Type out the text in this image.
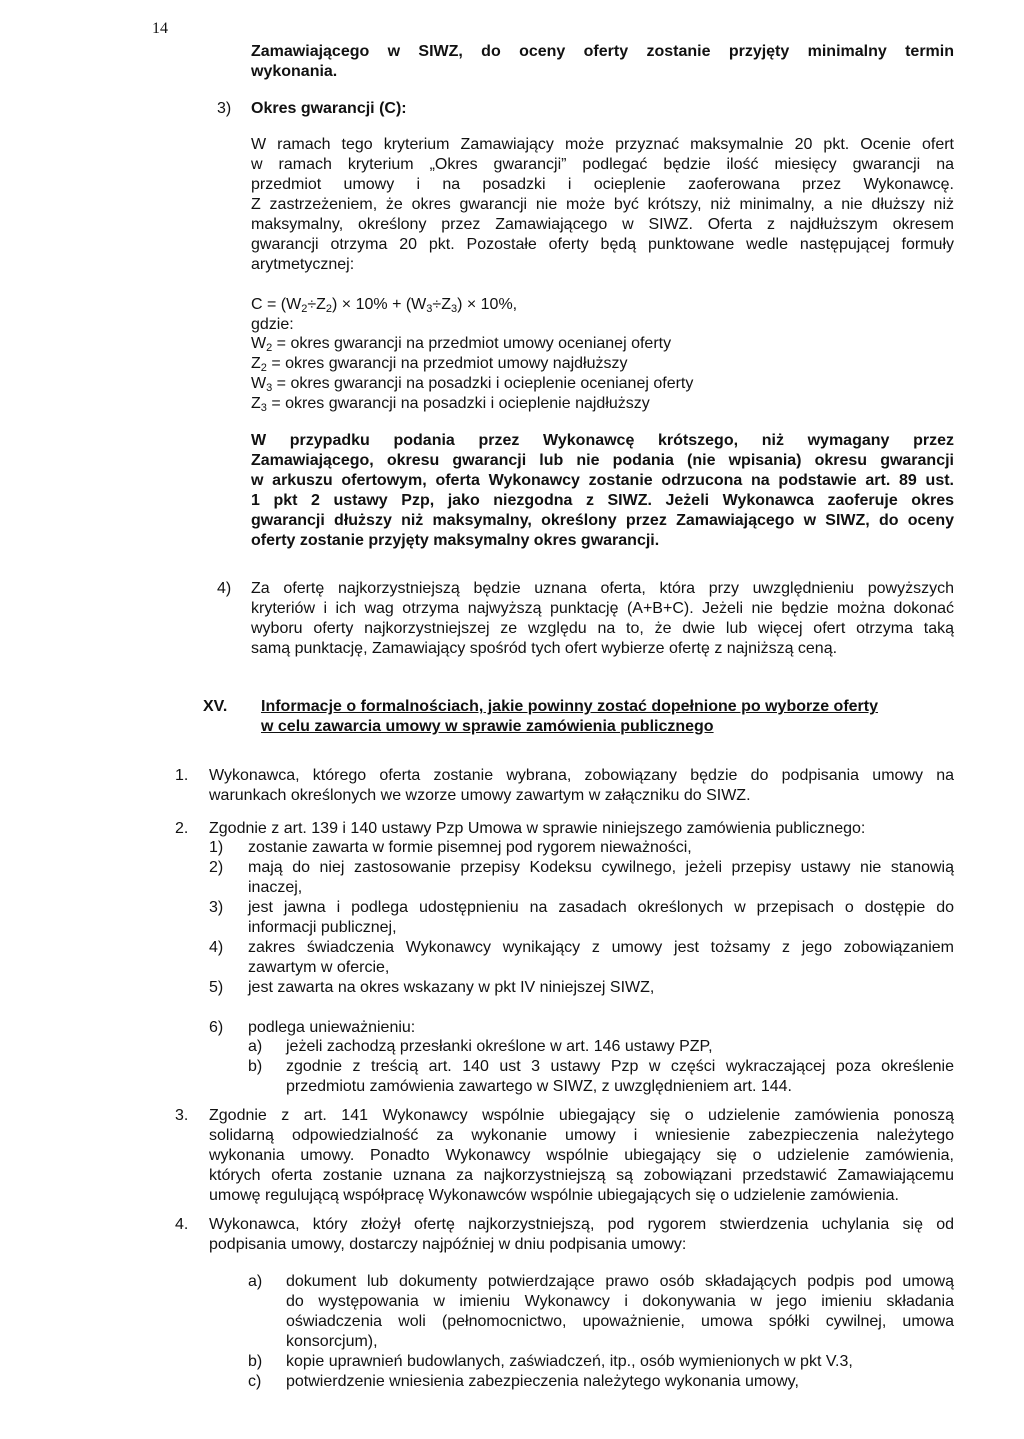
14
Zamawiającego w SIWZ, do oceny oferty zostanie przyjęty minimalny termin
wykonania.
3) Okres gwarancji (C):
W ramach tego kryterium Zamawiający może przyznać maksymalnie 20 pkt. Ocenie ofert
w ramach kryterium „Okres gwarancji” podlegać będzie ilość miesięcy gwarancji na
przedmiot umowy i na posadzki i ocieplenie zaoferowana przez Wykonawcę.
Z zastrzeżeniem, że okres gwarancji nie może być krótszy, niż minimalny, a nie dłuższy niż
maksymalny, określony przez Zamawiającego w SIWZ. Oferta z najdłuższym okresem
gwarancji otrzyma 20 pkt. Pozostałe oferty będą punktowane wedle następującej formuły
arytmetycznej:
$C = (W_2\div Z_2) \times 10\% + (W_3\div Z_3) \times 10\%$,
gdzie:
$W_2$ = okres gwarancji na przedmiot umowy ocenianej oferty
$Z_2$ = okres gwarancji na przedmiot umowy najdłuższy
$W_3$ = okres gwarancji na posadzki i ocieplenie ocenianej oferty
$Z_3$ = okres gwarancji na posadzki i ocieplenie najdłuższy
W przypadku podania przez Wykonawcę krótszego, niż wymagany przez
Zamawiającego, okresu gwarancji lub nie podania (nie wpisania) okresu gwarancji
w arkuszu ofertowym, oferta Wykonawcy zostanie odrzucona na podstawie art. 89 ust.
1 pkt 2 ustawy Pzp, jako niezgodna z SIWZ. Jeżeli Wykonawca zaoferuje okres
gwarancji dłuższy niż maksymalny, określony przez Zamawiającego w SIWZ, do oceny
oferty zostanie przyjęty maksymalny okres gwarancji.
4) Za ofertę najkorzystniejszą będzie uznana oferta, która przy uwzględnieniu powyższych
kryteriów i ich wag otrzyma najwyższą punktację (A+B+C). Jeżeli nie będzie można dokonać
wyboru oferty najkorzystniejszej ze względu na to, że dwie lub więcej ofert otrzyma taką
samą punktację, Zamawiający spośród tych ofert wybierze ofertę z najniższą ceną.
XV. Informacje o formalnościach, jakie powinny zostać dopełnione po wyborze oferty
w celu zawarcia umowy w sprawie zamówienia publicznego
1. Wykonawca, którego oferta zostanie wybrana, zobowiązany będzie do podpisania umowy na
warunkach określonych we wzorze umowy zawartym w załączniku do SIWZ.
2. Zgodnie z art. 139 i 140 ustawy Pzp Umowa w sprawie niniejszego zamówienia publicznego:
1) zostanie zawarta w formie pisemnej pod rygorem nieważności,
2) mają do niej zastosowanie przepisy Kodeksu cywilnego, jeżeli przepisy ustawy nie stanowią
inaczej,
3) jest jawna i podlega udostępnieniu na zasadach określonych w przepisach o dostępie do
informacji publicznej,
4) zakres świadczenia Wykonawcy wynikający z umowy jest tożsamy z jego zobowiązaniem
zawartym w ofercie,
5) jest zawarta na okres wskazany w pkt IV niniejszej SIWZ,
6) podlega unieważnieniu:
a) jeżeli zachodzą przesłanki określone w art. 146 ustawy PZP,
b) zgodnie z treścią art. 140 ust 3 ustawy Pzp w części wykraczającej poza określenie
przedmiotu zamówienia zawartego w SIWZ, z uwzględnieniem art. 144.
3. Zgodnie z art. 141 Wykonawcy wspólnie ubiegający się o udzielenie zamówienia ponoszą
solidarną odpowiedzialność za wykonanie umowy i wniesienie zabezpieczenia należytego
wykonania umowy. Ponadto Wykonawcy wspólnie ubiegający się o udzielenie zamówienia,
których oferta zostanie uznana za najkorzystniejszą są zobowiązani przedstawić Zamawiającemu
umowę regulującą współpracę Wykonawców wspólnie ubiegających się o udzielenie zamówienia.
4. Wykonawca, który złożył ofertę najkorzystniejszą, pod rygorem stwierdzenia uchylania się od
podpisania umowy, dostarczy najpóźniej w dniu podpisania umowy:
a) dokument lub dokumenty potwierdzające prawo osób składających podpis pod umową
do występowania w imieniu Wykonawcy i dokonywania w jego imieniu składania
oświadczenia woli (pełnomocnictwo, upoważnienie, umowa spółki cywilnej, umowa
konsorcjum),
b) kopie uprawnień budowlanych, zaświadczeń, itp., osób wymienionych w pkt V.3,
c) potwierdzenie wniesienia zabezpieczenia należytego wykonania umowy,
